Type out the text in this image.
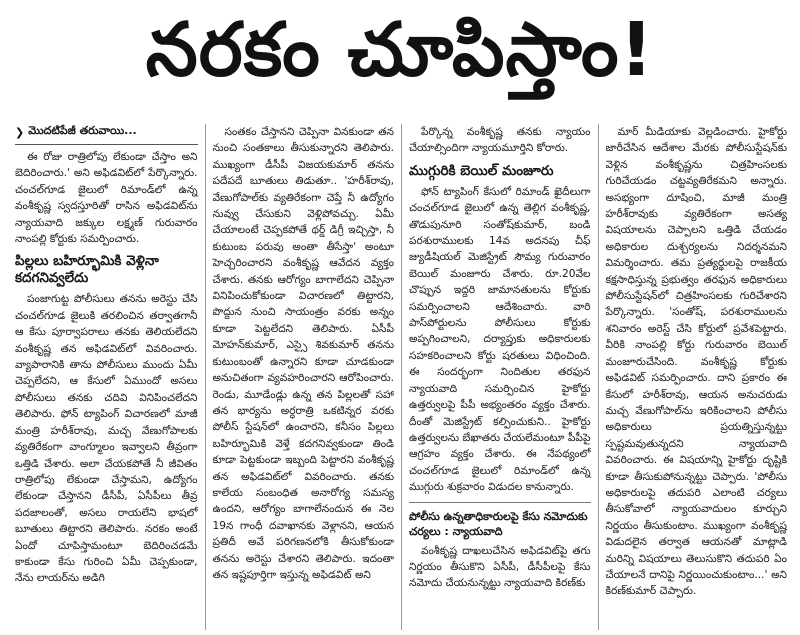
నరకం చూపిస్తాం!
❯ మొదటిపేజీ తరువాయి...

ఈ రోజు రాత్రిలోపు లేకుండా చేస్తాం అని బెదిరించారు.' అని అఫిడవిట్‌లో పేర్కొన్నారు. చంచల్‌గూడ జైలులో రిమాండ్‌లో ఉన్న వంశీకృష్ణ స్వదస్తూరితో రాసిన అఫిడవిట్‌ను న్యాయవాది జక్కుల లక్ష్మణ్ గురువారం నాంపల్లి కోర్టుకు సమర్పించారు.

పిల్లలు బహిర్భూమికి వెళ్లినా కదగనివ్వలేదు

పంజాగుట్ట పోలీసులు తనను అరెస్టు చేసి చంచల్‌గూడ జైలుకి తరలించిన తర్వాతగానీ ఆ కేసు పూర్వాపరాలు తనకు తెలియలేదని వంశీకృష్ణ తన అఫిడవిట్‌లో వివరించారు. వ్యాపారానికి తాను పోలీసులు ముందు ఏమీ చెప్పలేదని, ఆ కేసులో ఏముందో అసలు పోలీసులు తనకు చదివి వినిపించలేదని తెలిపారు. ఫోన్ ట్యాపింగ్ విచారణలో మాజీ మంత్రి హరీశ్‌రావు, మచ్చ వేణుగోపాలకు వ్యతిరేకంగా వాంగ్మూలం ఇవ్వాలని తీవ్రంగా ఒత్తిడి చేశారు. అలా చేయకపోతే నీ జీవితం రాత్రిలోపు లేకుండా చేస్తామని, ఉద్యోగం లేకుండా చేస్తానని డీసీపీ, ఏసీపీలు తీవ్ర పదజాలంతో, అసలు రాయలేని భాషలో బూతులు తిట్టారని తెలిపారు. నరకం అంటే ఏందో చూపిస్తామంటూ బెదిరించడమే కాకుండా కేసు గురించి ఏమీ చెప్పకుండా, నేను లాయర్‌ను అడిగి

సంతకం చేస్తానని చెప్పినా వినకుండా తన నుంచి సంతకాలు తీసుకున్నారని తెలిపారు. ముఖ్యంగా డీసీపీ విజయకుమార్ తనను పదేపదే బూతులు తిడుతూ.. 'హరీశ్‌రావు, వేణుగోపాల్‌కు వ్యతిరేకంగా చెప్తే నీ ఉద్యోగం నువ్వు చేసుకుని వెళ్లిపోవచ్చు. ఏమీ చేయాలంటే చెప్పకపోతే థర్డ్ డిగ్రీ ఇచ్చిస్తా, నీ కుటుంబ పరువు అంతా తీసేస్తా' అంటూ హెచ్చరించారని వంశీకృష్ణ ఆవేదన వ్యక్తం చేశారు. తనకు ఆరోగ్యం బాగాలేదని చెప్పినా వినిపించుకోకుండా విచారణలో తిట్టారని, పొద్దున నుంచి సాయంత్రం వరకు అన్నం కూడా పెట్టలేదని తెలిపారు. ఏసీపీ మోహన్‌కుమార్, ఎస్సై శివకుమార్ తనను కుటుంబంతో ఉన్నారని కూడా చూడకుండా అనుచితంగా వ్యవహరించారని ఆరోపించారు. రెండు, మూడేండ్లు ఉన్న తన పిల్లలతో సహా తన భార్యను అర్ధరాత్రి ఒకటిన్నర వరకు పోలీస్ స్టేషన్‌లో ఉంచారని, కనీసం పిల్లలు బహిర్భూమికి వెళ్తే కదగనివ్వకుండా తిండి కూడా పెట్టకుండా ఇబ్బంది పెట్టారని వంశీకృష్ణ తన అఫిడవిట్‌లో వివరించారు. తనకు కాలేయ సంబంధిత అనారోగ్య సమస్య ఉందని, ఆరోగ్యం బాగాలేనందున ఈ నెల 19న గాంధీ దవాఖానకు వెళ్లానని, ఆయన ప్రతిదీ అవే పరిగణనలోకి తీసుకోకుండా తనను అరెస్టు చేశారని తెలిపారు. ఇదంతా తన ఇష్టపూర్తిగా ఇస్తున్న అఫిడవిట్ అని

పేర్కొన్న వంశీకృష్ణ తనకు న్యాయం చేయాల్సిందిగా న్యాయమూర్తిని కోరారు.

ముగ్గురికి బెయిల్ మంజూరు

ఫోన్ ట్యాపింగ్ కేసులో రిమాండ్ ఖైదీలుగా చంచల్‌గూడ జైలులో ఉన్న తెల్లిగ వంశీకృష్ణ, తొడుపునూరి సంతోష్‌కుమార్, బండి పరశురాములకు 14వ అదనపు చీఫ్ జ్యుడీషియల్ మెజిస్ట్రేట్ సౌమ్య గురువారం బెయిల్ మంజూరు చేశారు. రూ.20వేల చొప్పున ఇద్దరి జామానతులను కోర్టుకు సమర్పించాలని ఆదేశించారు. వారి పాస్‌పోర్టులను పోలీసులు కోర్టుకు అప్పగించాలని, దర్యాప్తుకు అధికారులకు సహకరించాలని కోర్టు షరతులు విధించింది. ఈ సందర్భంగా నిందితుల తరఫున న్యాయవాది సమర్పించిన హైకోర్టు ఉత్తర్వులపై పీపీ అభ్యంతరం వ్యక్తం చేశారు. దీంతో మెజిస్ట్రేట్ కల్పించుకుని.. హైకోర్టు ఉత్తర్వులను బేఖాతరు చేయలేమంటూ పీపీపై ఆగ్రహం వ్యక్తం చేశారు. ఈ నేపథ్యంలో చంచల్‌గూడ జైలులో రిమాండ్‌లో ఉన్న ముగ్గురు శుక్రవారం విడుదల కానున్నారు.

పోలీసు ఉన్నతాధికారులపై కేసు నమోదుకు చర్యలు : న్యాయవాది

వంశీకృష్ణ దాఖలుచేసిన అఫిడవిట్‌పై తగు నిర్ణయం తీసుకొని ఏసీపీ, డీసీపీలపై కేసు నమోదు చేయనున్నట్టు న్యాయవాది కిరణ్‌కు

మార్ మీడియాకు వెల్లడించారు. హైకోర్టు జారీచేసిన ఆదేశాల మేరకు పోలీసుస్టేషన్‌కు వెళ్లిన వంశీకృష్ణను చిత్రహింసలకు గురిచేయడం చట్టవ్యతిరేకమని అన్నారు. అసభ్యంగా దూషించి, మాజీ మంత్రి హరీశ్‌రావుకు వ్యతిరేకంగా అసత్య విషయాలను చెప్పాలని ఒత్తిడి చేయడం అధికారుల దుశ్చర్యలను నిదర్శనమని విమర్శించారు. తమ ప్రత్యర్థులపై రాజకీయ కక్షసాధిస్తున్న ప్రభుత్వం తరఫున అధికారులు పోలీసుస్టేషన్‌లో చిత్రహింసలకు గురిచేశారని పేర్కొన్నారు. 'సంతోష్, పరశురాములను శనివారం అరెస్ట్ చేసి కోర్టులో ప్రవేశపెట్టారు. వీరికి నాంపల్లి కోర్టు గురువారం బెయిల్ మంజూరుచేసింది. వంశీకృష్ణ కోర్టుకు అఫిడవిట్ సమర్పించారు. దాని ప్రకారం ఈ కేసులో హరీశ్‌రావు, ఆయన అనుచరుడు మచ్చ వేణుగోపాల్‌ను ఇరికించాలని పోలీసు అధికారులు ప్రయత్నిస్తున్నట్టు స్పష్టమవుతున్నదని న్యాయవాది వివరించారు. ఈ విషయాన్ని హైకోర్టు దృష్టికి కూడా తీసుకుపోనున్నట్టు చెప్పారు. 'పోలీసు అధికారులపై తదుపరి ఎలాంటి చర్యలు తీసుకోవాలో న్యాయవాదులం కూర్చుని నిర్ణయం తీసుకుంటాం. ముఖ్యంగా వంశీకృష్ణ విడుదలైన తర్వాత ఆయనతో మాట్లాడి మరిన్ని విషయాలు తెలుసుకొని తదుపరి ఏం చేయాలనే దానిపై నిర్ణయించుకుంటాం...' అని కిరణ్‌కుమార్ చెప్పారు.
